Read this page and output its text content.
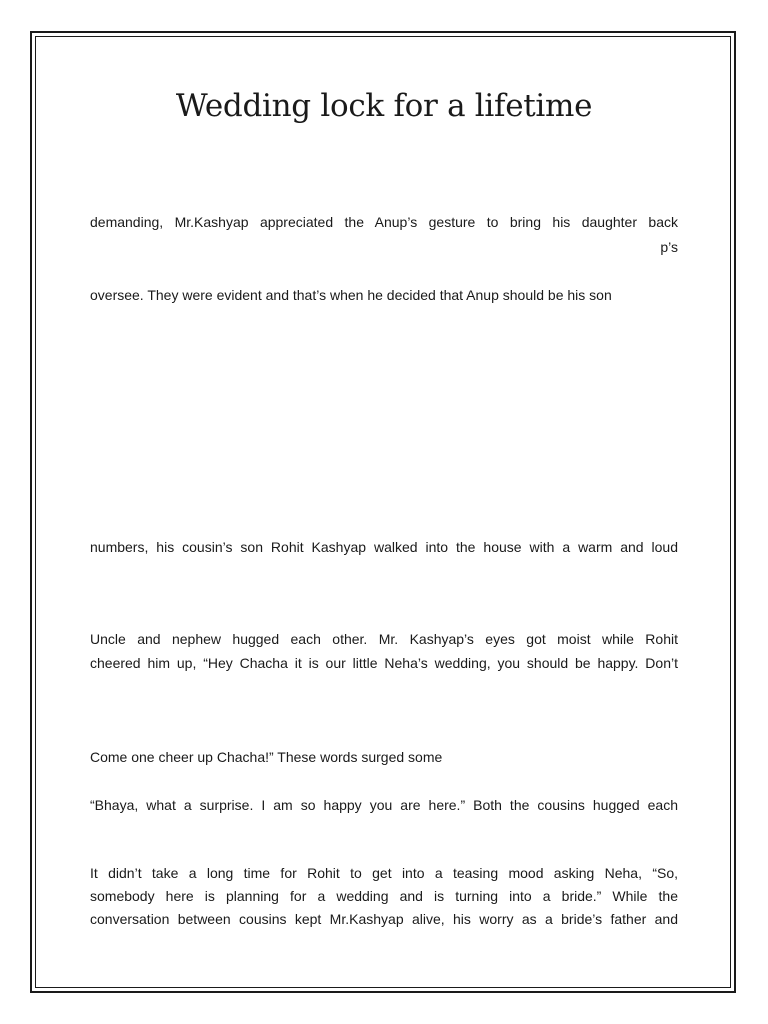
Wedding lock for a lifetime

demanding, Mr.Kashyap appreciated the Anup’s gesture to bring his daughter back

p’s

oversee. They were evident and that’s when he decided that Anup should be his son

numbers, his cousin’s son Rohit Kashyap walked into the house with a warm and loud

Uncle and nephew hugged each other. Mr. Kashyap’s eyes got moist while Rohit

cheered him up, “Hey Chacha it is our little Neha’s wedding, you should be happy. Don’t

Come one cheer up Chacha!” These words surged some

“Bhaya, what a surprise. I am so happy you are here.” Both the cousins hugged each

It didn’t take a long time for Rohit to get into a teasing mood asking Neha, “So,

somebody here is planning for a wedding and is turning into a bride.” While the

conversation between cousins kept Mr.Kashyap alive, his worry as a bride’s father and
